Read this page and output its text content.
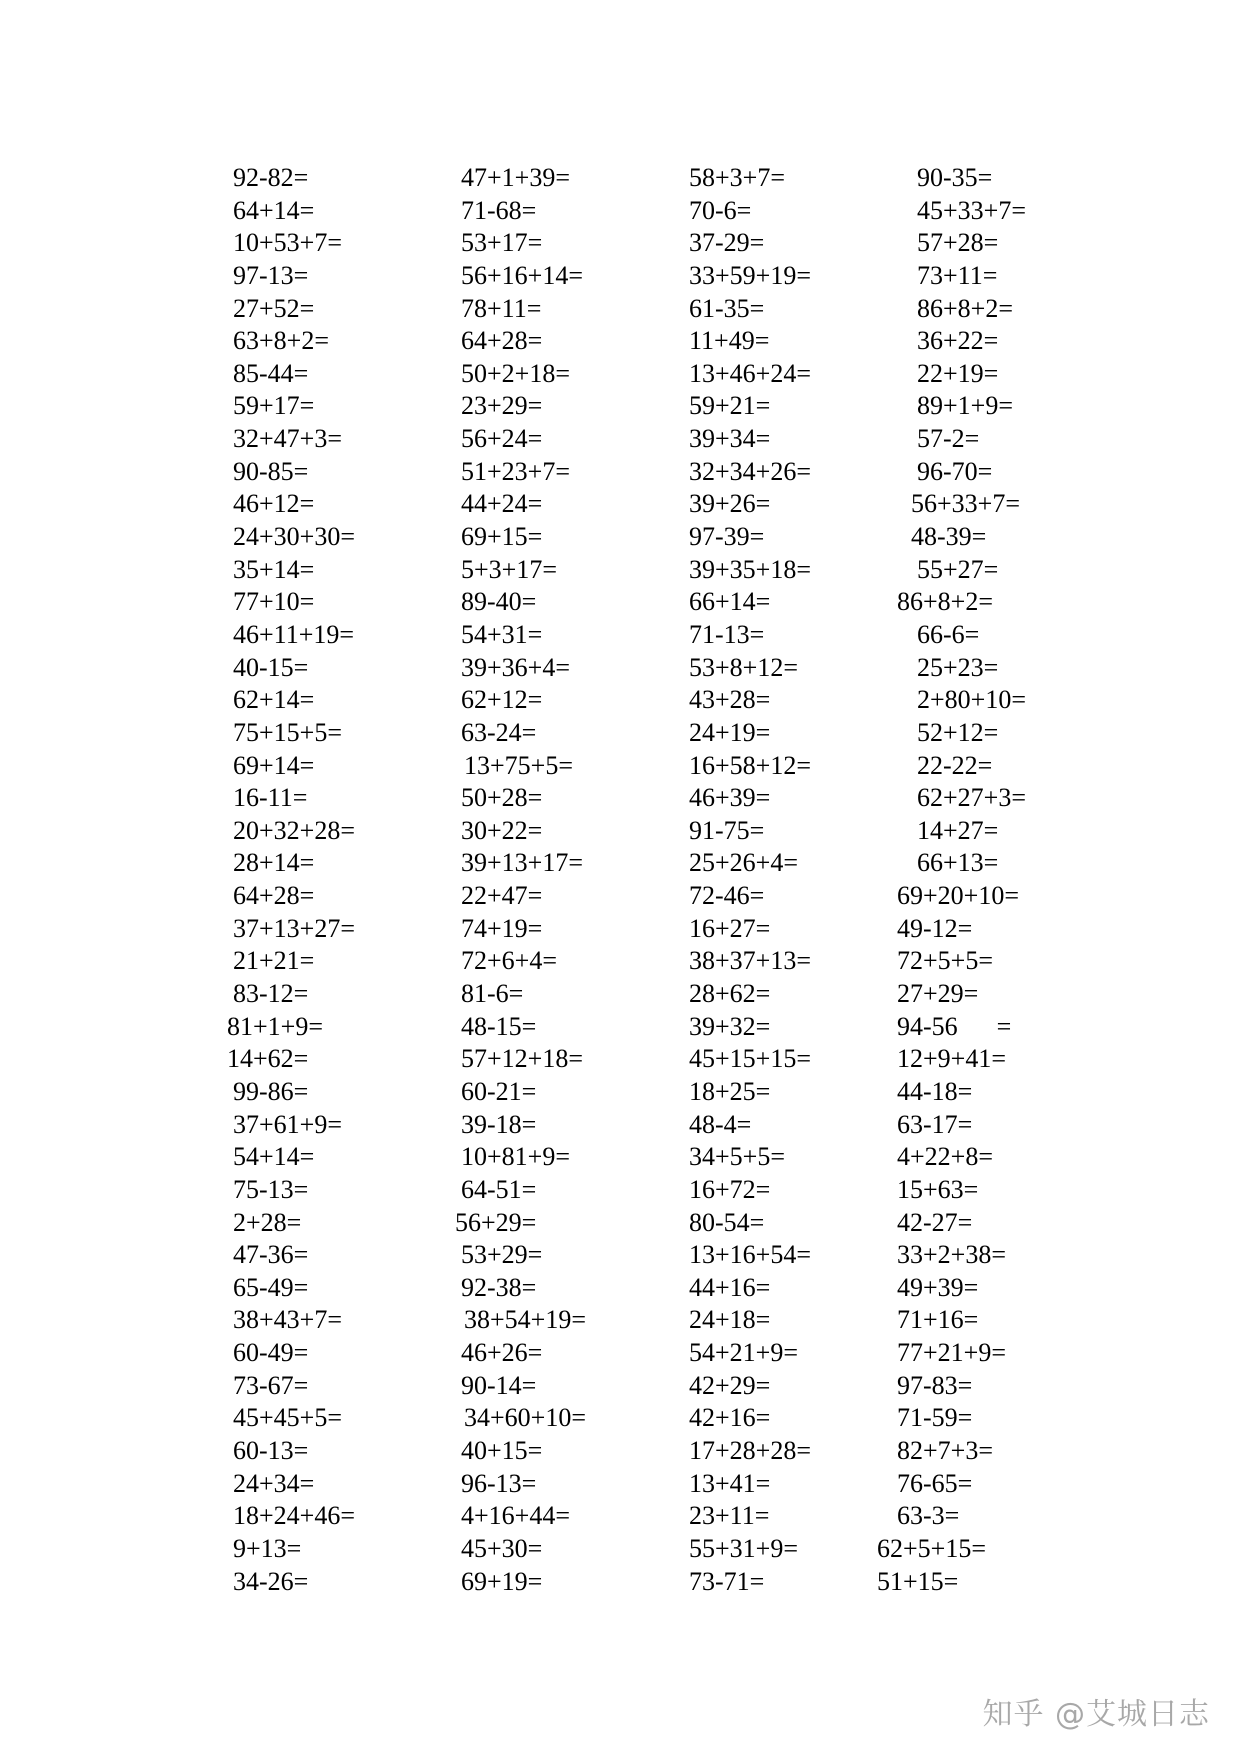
92-82=
64+14=
10+53+7=
97-13=
27+52=
63+8+2=
85-44=
59+17=
32+47+3=
90-85=
46+12=
24+30+30=
35+14=
77+10=
46+11+19=
40-15=
62+14=
75+15+5=
69+14=
16-11=
20+32+28=
28+14=
64+28=
37+13+27=
21+21=
83-12=
81+1+9=
14+62=
99-86=
37+61+9=
54+14=
75-13=
2+28=
47-36=
65-49=
38+43+7=
60-49=
73-67=
45+45+5=
60-13=
24+34=
18+24+46=
9+13=
34-26=
47+1+39=
71-68=
53+17=
56+16+14=
78+11=
64+28=
50+2+18=
23+29=
56+24=
51+23+7=
44+24=
69+15=
5+3+17=
89-40=
54+31=
39+36+4=
62+12=
63-24=
13+75+5=
50+28=
30+22=
39+13+17=
22+47=
74+19=
72+6+4=
81-6=
48-15=
57+12+18=
60-21=
39-18=
10+81+9=
64-51=
56+29=
53+29=
92-38=
38+54+19=
46+26=
90-14=
34+60+10=
40+15=
96-13=
4+16+44=
45+30=
69+19=
58+3+7=
70-6=
37-29=
33+59+19=
61-35=
11+49=
13+46+24=
59+21=
39+34=
32+34+26=
39+26=
97-39=
39+35+18=
66+14=
71-13=
53+8+12=
43+28=
24+19=
16+58+12=
46+39=
91-75=
25+26+4=
72-46=
16+27=
38+37+13=
28+62=
39+32=
45+15+15=
18+25=
48-4=
34+5+5=
16+72=
80-54=
13+16+54=
44+16=
24+18=
54+21+9=
42+29=
42+16=
17+28+28=
13+41=
23+11=
55+31+9=
73-71=
90-35=
45+33+7=
57+28=
73+11=
86+8+2=
36+22=
22+19=
89+1+9=
57-2=
96-70=
56+33+7=
48-39=
55+27=
86+8+2=
66-6=
25+23=
2+80+10=
52+12=
22-22=
62+27+3=
14+27=
66+13=
69+20+10=
49-12=
72+5+5=
27+29=
94-56      =
12+9+41=
44-18=
63-17=
4+22+8=
15+63=
42-27=
33+2+38=
49+39=
71+16=
77+21+9=
97-83=
71-59=
82+7+3=
76-65=
63-3=
62+5+15=
51+15=
知乎 @艾城日志
